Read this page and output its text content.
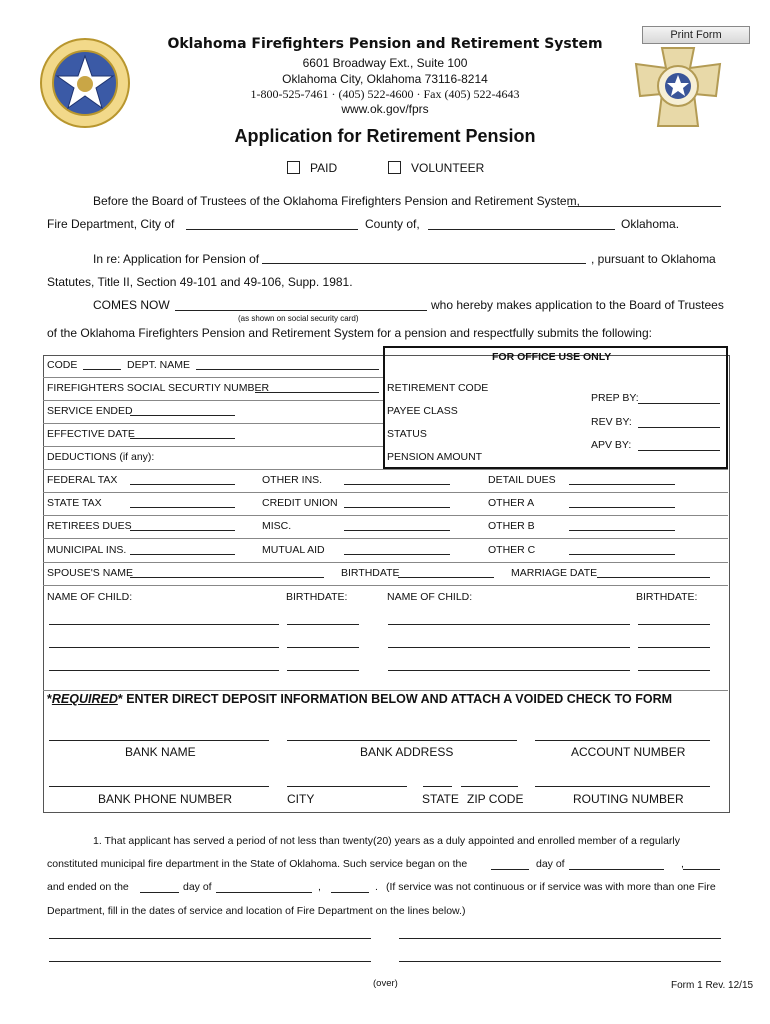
Print Form
Oklahoma Firefighters Pension and Retirement System
6601 Broadway Ext., Suite 100
Oklahoma City, Oklahoma 73116-8214
1-800-525-7461 · (405) 522-4600 · Fax (405) 522-4643
www.ok.gov/fprs
Application for Retirement Pension
PAID	VOLUNTEER
Before the Board of Trustees of the Oklahoma Firefighters Pension and Retirement System,
Fire Department, City of	County of,	Oklahoma.
In re: Application for Pension of	, pursuant to Oklahoma
Statutes, Title II, Section 49-101 and 49-106, Supp. 1981.
COMES NOW	who hereby makes application to the Board of Trustees
(as shown on social security card)
of the Oklahoma Firefighters Pension and Retirement System for a pension and respectfully submits the following:
FOR OFFICE USE ONLY
CODE	DEPT. NAME
FIREFIGHTERS SOCIAL SECURTIY NUMBER	RETIREMENT CODE
SERVICE ENDED	PAYEE CLASS
EFFECTIVE DATE	STATUS
DEDUCTIONS (if any):	PENSION AMOUNT
PREP BY:
REV BY:
APV BY:
FEDERAL TAX	OTHER INS.	DETAIL DUES
STATE TAX	CREDIT UNION	OTHER A
RETIREES DUES	MISC.	OTHER B
MUNICIPAL INS.	MUTUAL AID	OTHER C
SPOUSE'S NAME	BIRTHDATE	MARRIAGE DATE
NAME OF CHILD:	BIRTHDATE:	NAME OF CHILD:	BIRTHDATE:
*REQUIRED* ENTER DIRECT DEPOSIT INFORMATION BELOW AND ATTACH A VOIDED CHECK TO FORM
BANK NAME	BANK ADDRESS	ACCOUNT NUMBER
BANK PHONE NUMBER	CITY	STATE ZIP CODE	ROUTING NUMBER
1. That applicant has served a period of not less than twenty(20) years as a duly appointed and enrolled member of a regularly
constituted municipal fire department in the State of Oklahoma. Such service began on the	day of	,
and ended on the	day of	,	. (If service was not continuous or if service was with more than one Fire
Department, fill in the dates of service and location of Fire Department on the lines below.)
(over)	Form 1 Rev. 12/15
